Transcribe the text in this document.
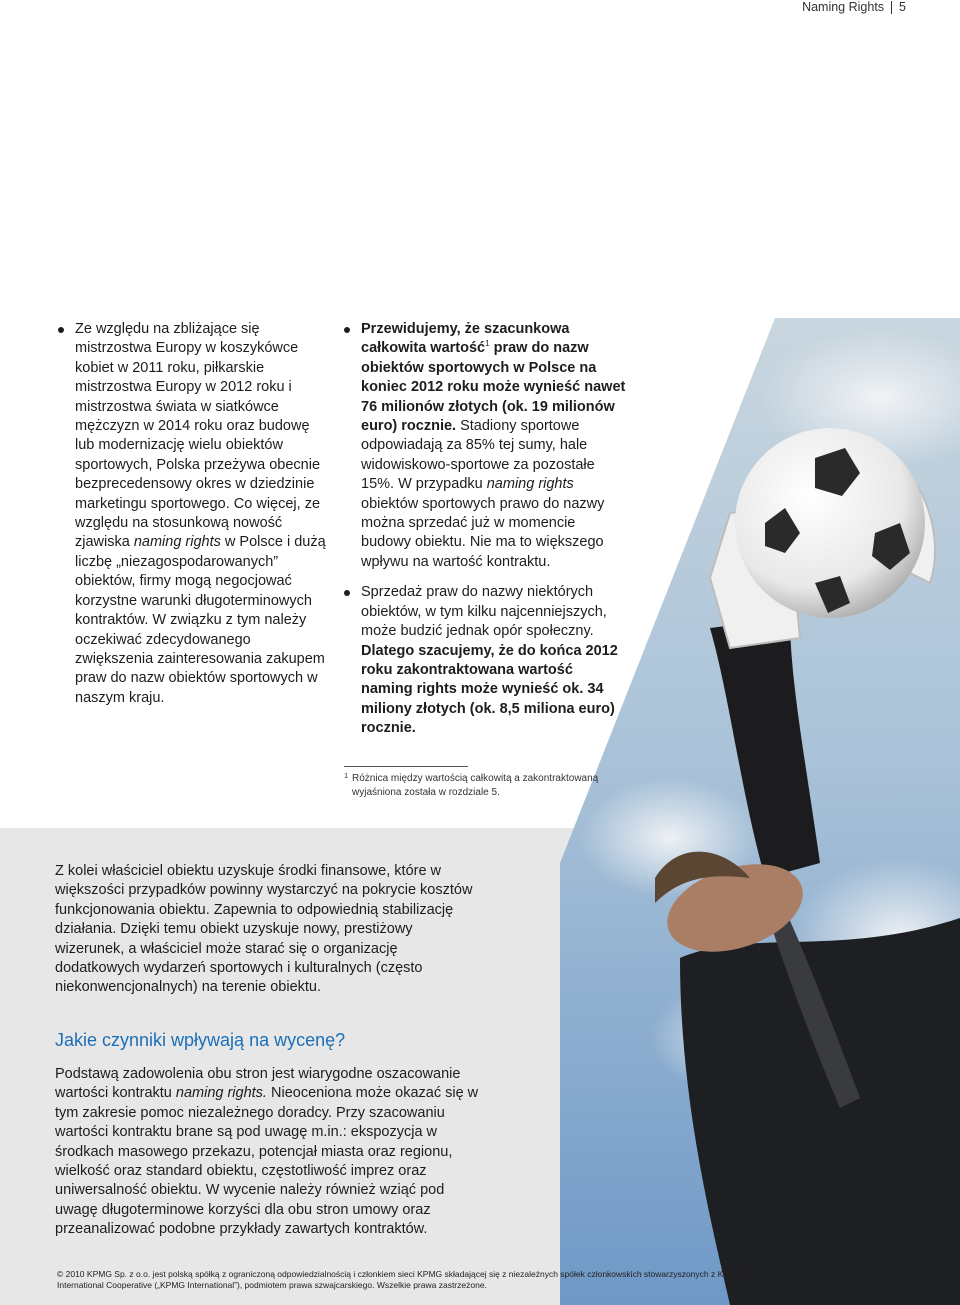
Naming Rights 5
Ze względu na zbliżające się mistrzostwa Europy w koszykówce kobiet w 2011 roku, piłkarskie mistrzostwa Europy w 2012 roku i mistrzostwa świata w siatkówce mężczyzn w 2014 roku oraz budowę lub modernizację wielu obiektów sportowych, Polska przeżywa obecnie bezprecedensowy okres w dziedzinie marketingu sportowego. Co więcej, ze względu na stosunkową nowość zjawiska naming rights w Polsce i dużą liczbę „niezagospodarowanych” obiektów, firmy mogą negocjować korzystne warunki długoterminowych kontraktów. W związku z tym należy oczekiwać zdecydowanego zwiększenia zainteresowania zakupem praw do nazw obiektów sportowych w naszym kraju.
Przewidujemy, że szacunkowa całkowita wartość$^1$ praw do nazw obiektów sportowych w Polsce na koniec 2012 roku może wynieść nawet 76 milionów złotych (ok. 19 milionów euro) rocznie. Stadiony sportowe odpowiadają za 85% tej sumy, hale widowiskowo-sportowe za pozostałe 15%. W przypadku naming rights obiektów sportowych prawo do nazwy można sprzedać już w momencie budowy obiektu. Nie ma to większego wpływu na wartość kontraktu.
Sprzedaż praw do nazwy niektórych obiektów, w tym kilku najcenniejszych, może budzić jednak opór społeczny. Dlatego szacujemy, że do końca 2012 roku zakontraktowana wartość naming rights może wynieść ok. 34 miliony złotych (ok. 8,5 miliona euro) rocznie.
1 Różnica między wartością całkowitą a zakontraktowaną wyjaśniona została w rozdziale 5.
Z kolei właściciel obiektu uzyskuje środki finansowe, które w większości przypadków powinny wystarczyć na pokrycie kosztów funkcjonowania obiektu. Zapewnia to odpowiednią stabilizację działania. Dzięki temu obiekt uzyskuje nowy, prestiżowy wizerunek, a właściciel może starać się o organizację dodatkowych wydarzeń sportowych i kulturalnych (często niekonwencjonalnych) na terenie obiektu.
Jakie czynniki wpływają na wycenę?
Podstawą zadowolenia obu stron jest wiarygodne oszacowanie wartości kontraktu naming rights. Nieoceniona może okazać się w tym zakresie pomoc niezależnego doradcy. Przy szacowaniu wartości kontraktu brane są pod uwagę m.in.: ekspozycja w środkach masowego przekazu, potencjał miasta oraz regionu, wielkość oraz standard obiektu, częstotliwość imprez oraz uniwersalność obiektu. W wycenie należy również wziąć pod uwagę długoterminowe korzyści dla obu stron umowy oraz przeanalizować podobne przykłady zawartych kontraktów.
© 2010 KPMG Sp. z o.o. jest polską spółką z ograniczoną odpowiedzialnością i członkiem sieci KPMG składającej się z niezależnych spółek członkowskich stowarzyszonych z KPMG International Cooperative („KPMG International”), podmiotem prawa szwajcarskiego. Wszelkie prawa zastrzeżone.
